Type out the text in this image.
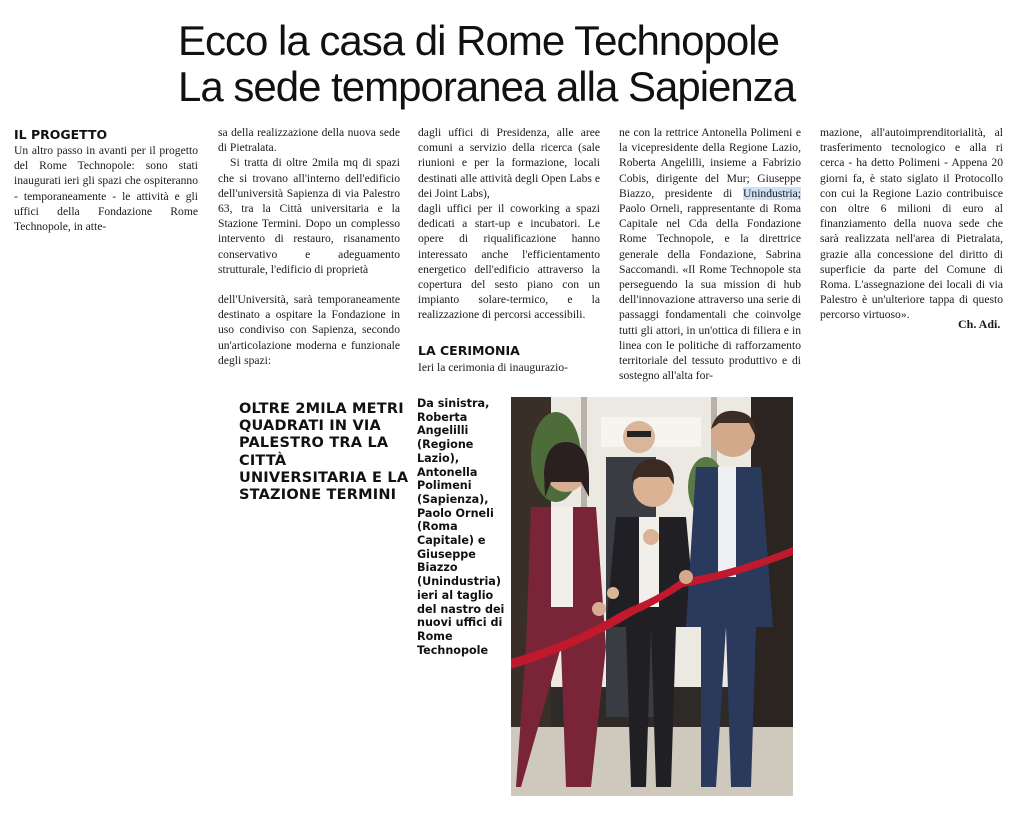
Ecco la casa di Rome Technopole
La sede temporanea alla Sapienza
IL PROGETTO

Un altro passo in avanti per il progetto del Rome Technopole: sono stati inaugurati ieri gli spazi che ospiteranno - temporaneamente - le attività e gli uffici della Fondazione Rome Technopole, in atte-

sa della realizzazione della nuova sede di Pietralata.

Si tratta di oltre 2mila mq di spazi che si trovano all'interno dell'edificio dell'università Sapienza di via Palestro 63, tra la Città universitaria e la Stazione Termini. Dopo un complesso intervento di restauro, risanamento conservativo e adeguamento strutturale, l'edificio di proprietà

dell'Università, sarà temporaneamente destinato a ospitare la Fondazione in uso condiviso con Sapienza, secondo un'articolazione moderna e funzionale degli spazi:

dagli uffici di Presidenza, alle aree comuni a servizio della ricerca (sale riunioni e per la formazione, locali destinati alle attività degli Open Labs e dei Joint Labs),

dagli uffici per il coworking a spazi dedicati a start-up e incubatori. Le opere di riqualificazione hanno interessato anche l'efficientamento energetico dell'edificio attraverso la copertura del sesto piano con un impianto solare-termico, e la realizzazione di percorsi accessibili.

LA CERIMONIA

Ieri la cerimonia di inaugurazio-

ne con la rettrice Antonella Polimeni e la vicepresidente della Regione Lazio, Roberta Angelilli, insieme a Fabrizio Cobis, dirigente del Mur; Giuseppe Biazzo, presidente di Unindustria; Paolo Orneli, rappresentante di Roma Capitale nel Cda della Fondazione Rome Technopole, e la direttrice generale della Fondazione, Sabrina Saccomandi. «Il Rome Technopole sta perseguendo la sua mission di hub dell'innovazione attraverso una serie di passaggi fondamentali che coinvolge tutti gli attori, in un'ottica di filiera e in linea con le politiche di rafforzamento territoriale del tessuto produttivo e di sostegno all'alta for-

mazione, all'autoimprenditorialità, al trasferimento tecnologico e alla ri cerca - ha detto Polimeni - Appena 20 giorni fa, è stato siglato il Protocollo con cui la Regione Lazio contribuisce con oltre 6 milioni di euro al finanziamento della nuova sede che sarà realizzata nell'area di Pietralata, grazie alla concessione del diritto di superficie da parte del Comune di Roma. L'assegnazione dei locali di via Palestro è un'ulteriore tappa di questo percorso virtuoso».

Ch. Adi.
OLTRE 2MILA METRI QUADRATI IN VIA PALESTRO TRA LA CITTÀ UNIVERSITARIA E LA STAZIONE TERMINI
Da sinistra, Roberta Angelilli (Regione Lazio), Antonella Polimeni (Sapienza), Paolo Orneli (Roma Capitale) e Giuseppe Biazzo (Unindustria) ieri al taglio del nastro dei nuovi uffici di Rome Technopole
